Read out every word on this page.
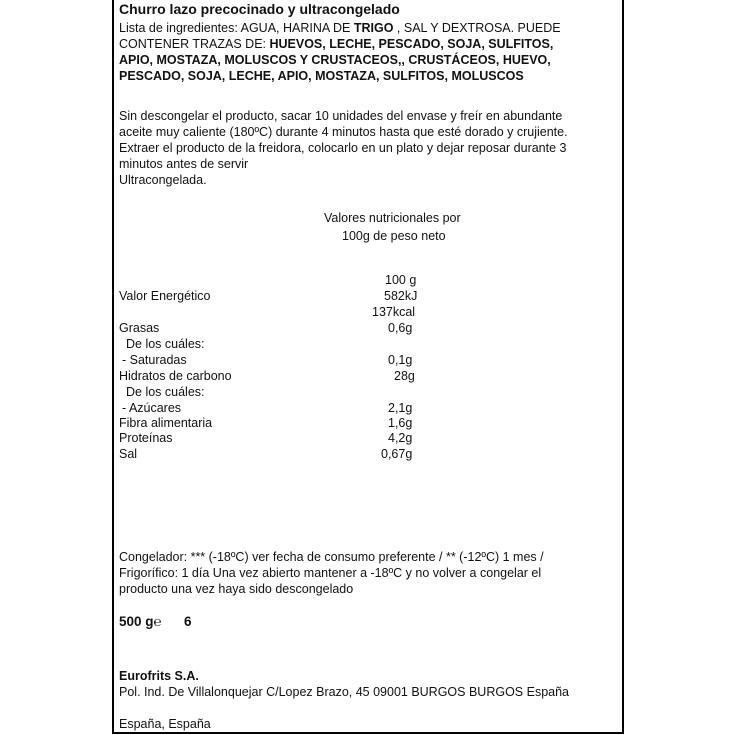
Churro lazo precocinado y ultracongelado
Lista de ingredientes: AGUA, HARINA DE TRIGO , SAL Y DEXTROSA. PUEDE
CONTENER TRAZAS DE: HUEVOS, LECHE, PESCADO, SOJA, SULFITOS,
APIO, MOSTAZA, MOLUSCOS Y CRUSTACEOS,, CRUSTÁCEOS, HUEVO,
PESCADO, SOJA, LECHE, APIO, MOSTAZA, SULFITOS, MOLUSCOS
Sin descongelar el producto, sacar 10 unidades del envase y freír en abundante
aceite muy caliente (180ºC) durante 4 minutos hasta que esté dorado y crujiente.
Extraer el producto de la freidora, colocarlo en un plato y dejar reposar durante 3
minutos antes de servir
Ultracongelada.
Valores nutricionales por
100g de peso neto
100 g
Valor Energético	582kJ
137kcal
Grasas	0,6g
De los cuáles:
- Saturadas	0,1g
Hidratos de carbono	28g
De los cuáles:
- Azúcares	2,1g
Fibra alimentaria	1,6g
Proteínas	4,2g
Sal	0,67g
Congelador: *** (-18ºC) ver fecha de consumo preferente / ** (-12ºC) 1 mes /
Frigorífico: 1 día Una vez abierto mantener a -18ºC y no volver a congelar el
producto una vez haya sido descongelado
500 g℮ 6
Eurofrits S.A.
Pol. Ind. De Villalonquejar C/Lopez Brazo, 45 09001 BURGOS BURGOS España
España, España
